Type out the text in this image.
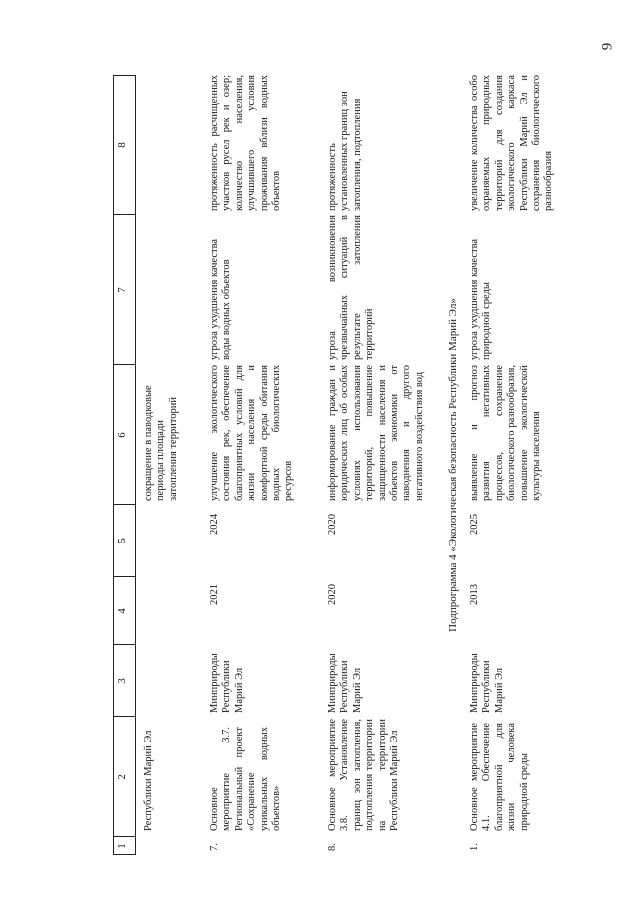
9
1
2
3
4
5
6
7
8
Республики Марий Эл
сокращение в паводковые периоды площади затопления территорий
7.
Основное мероприятие 3.7. Региональный проект «Сохранение уникальных водных объектов»
Минприроды Республики Марий Эл
2021
2024
улучшение экологического состояния рек, обеспечение благоприятных условий для жизни населения и комфортной среды обитания водных биологических ресурсов
угроза ухудшения качества воды водных объектов
протяженность расчищенных участков русел рек и озер; количество населения, улучшившего условия проживания вблизи водных объектов
8.
Основное мероприятие 3.8. Установление границ зон затопления, подтопления территории на территории Республики Марий Эл
Минприроды Республики Марий Эл
2020
2020
информирование граждан и юридических лиц об особых условиях использования территорий, повышение защищенности населения и объектов экономики от наводнения и другого негативного воздействия вод
угроза возникновения чрезвычайных ситуаций в результате затопления территорий
протяженность установленных границ зон затопления, подтопления
Подпрограмма 4 «Экологическая безопасность Республики Марий Эл»
1.
Основное мероприятие 4.1. Обеспечение благоприятной для жизни человека природной среды
Минприроды Республики Марий Эл
2013
2025
выявление и прогноз развития негативных процессов, сохранение биологического разнообразия, повышение экологической культуры населения
угроза ухудшения качества природной среды
увеличение количества особо охраняемых природных территорий для создания экологического каркаса Республики Марий Эл и сохранения биологического разнообразия
